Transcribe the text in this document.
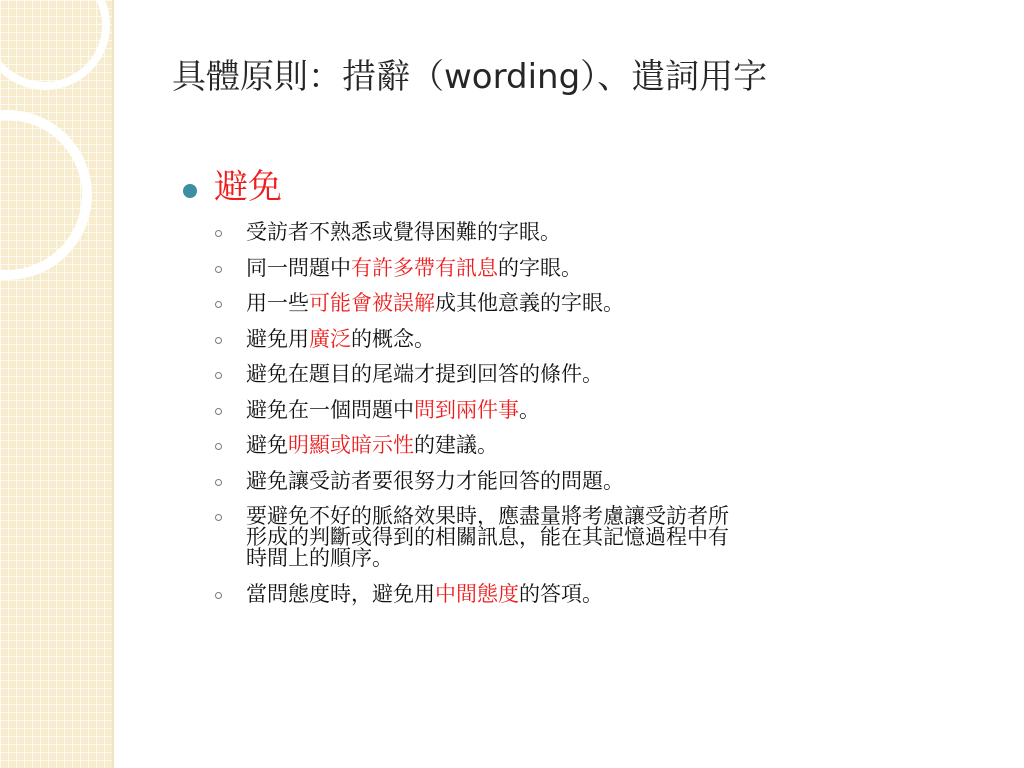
具體原則：措辭（wording）、遣詞用字
避免
受訪者不熟悉或覺得困難的字眼。
同一問題中有許多帶有訊息的字眼。
用一些可能會被誤解成其他意義的字眼。
避免用廣泛的概念。
避免在題目的尾端才提到回答的條件。
避免在一個問題中問到兩件事。
避免明顯或暗示性的建議。
避免讓受訪者要很努力才能回答的問題。
要避免不好的脈絡效果時，應盡量將考慮讓受訪者所
形成的判斷或得到的相關訊息，能在其記憶過程中有
時間上的順序。
當問態度時，避免用中間態度的答項。
